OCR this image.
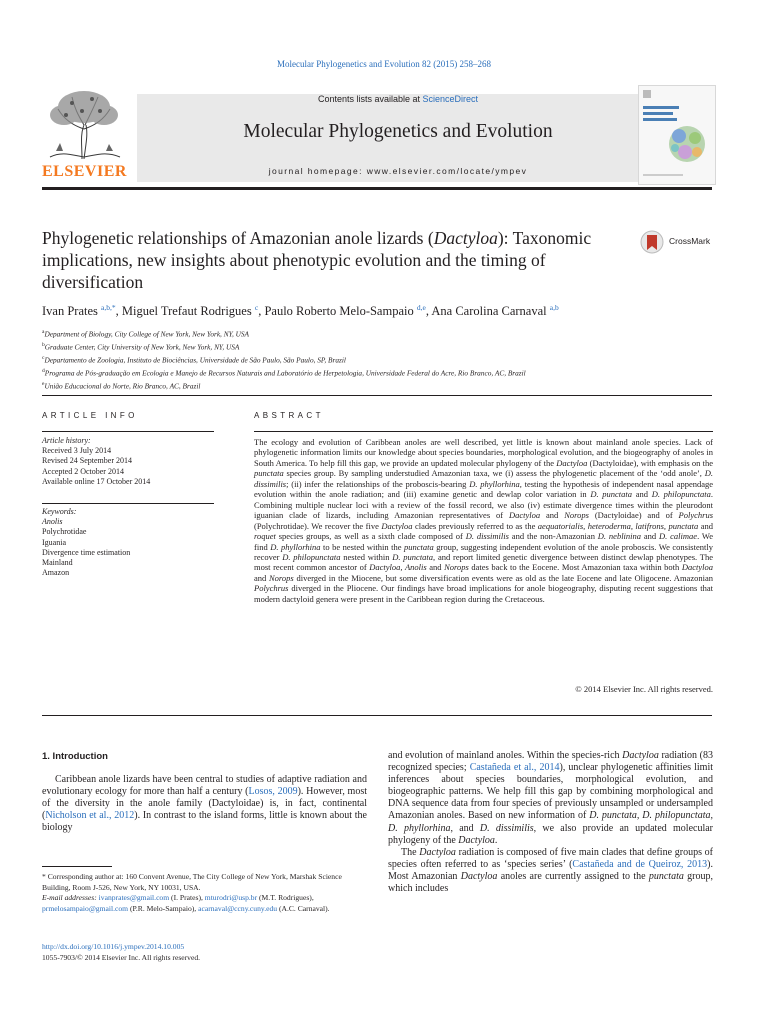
Molecular Phylogenetics and Evolution 82 (2015) 258–268
ELSEVIER
Contents lists available at ScienceDirect
Molecular Phylogenetics and Evolution
journal homepage: www.elsevier.com/locate/ympev
Phylogenetic relationships of Amazonian anole lizards (Dactyloa): Taxonomic implications, new insights about phenotypic evolution and the timing of diversification
CrossMark
Ivan Prates $^{a,b,*}$, Miguel Trefaut Rodrigues $^c$, Paulo Roberto Melo-Sampaio $^{d,e}$, Ana Carolina Carnaval $^{a,b}$
$^a$Department of Biology, City College of New York, New York, NY, USA
$^b$Graduate Center, City University of New York, New York, NY, USA
$^c$Departamento de Zoologia, Instituto de Biociências, Universidade de São Paulo, São Paulo, SP, Brazil
$^d$Programa de Pós-graduação em Ecologia e Manejo de Recursos Naturais and Laboratório de Herpetologia, Universidade Federal do Acre, Rio Branco, AC, Brazil
$^e$União Educacional do Norte, Rio Branco, AC, Brazil
ARTICLE INFO
Article history:
Received 3 July 2014
Revised 24 September 2014
Accepted 2 October 2014
Available online 17 October 2014
Keywords:
Anolis
Polychrotidae
Iguania
Divergence time estimation
Mainland
Amazon
ABSTRACT
The ecology and evolution of Caribbean anoles are well described, yet little is known about mainland anole species. Lack of phylogenetic information limits our knowledge about species boundaries, morphological evolution, and the biogeography of anoles in South America. To help fill this gap, we provide an updated molecular phylogeny of the Dactyloa (Dactyloidae), with emphasis on the punctata species group. By sampling understudied Amazonian taxa, we (i) assess the phylogenetic placement of the ‘odd anole’, D. dissimilis; (ii) infer the relationships of the proboscis-bearing D. phyllorhina, testing the hypothesis of independent nasal appendage evolution within the anole radiation; and (iii) examine genetic and dewlap color variation in D. punctata and D. philopunctata. Combining multiple nuclear loci with a review of the fossil record, we also (iv) estimate divergence times within the pleurodont iguanian clade of lizards, including Amazonian representatives of Dactyloa and Norops (Dactyloidae) and of Polychrus (Polychrotidae). We recover the five Dactyloa clades previously referred to as the aequatorialis, heteroderma, latifrons, punctata and roquet species groups, as well as a sixth clade composed of D. dissimilis and the non-Amazonian D. neblinina and D. calimae. We find D. phyllorhina to be nested within the punctata group, suggesting independent evolution of the anole proboscis. We consistently recover D. philopunctata nested within D. punctata, and report limited genetic divergence between distinct dewlap phenotypes. The most recent common ancestor of Dactyloa, Anolis and Norops dates back to the Eocene. Most Amazonian taxa within both Dactyloa and Norops diverged in the Miocene, but some diversification events were as old as the late Eocene and late Oligocene. Amazonian Polychrus diverged in the Pliocene. Our findings have broad implications for anole biogeography, disputing recent suggestions that modern dactyloid genera were present in the Caribbean region during the Cretaceous.
© 2014 Elsevier Inc. All rights reserved.
1. Introduction
Caribbean anole lizards have been central to studies of adaptive radiation and evolutionary ecology for more than half a century (Losos, 2009). However, most of the diversity in the anole family (Dactyloidae) is, in fact, continental (Nicholson et al., 2012). In contrast to the island forms, little is known about the biology
and evolution of mainland anoles. Within the species-rich Dactyloa radiation (83 recognized species; Castañeda et al., 2014), unclear phylogenetic affinities limit inferences about species boundaries, morphological evolution, and biogeographic patterns. We help fill this gap by combining morphological and DNA sequence data from four species of previously unsampled or undersampled Amazonian anoles. Based on new information of D. punctata, D. philopunctata, D. phyllorhina, and D. dissimilis, we also provide an updated molecular phylogeny of the Dactyloa.
The Dactyloa radiation is composed of five main clades that define groups of species often referred to as ‘species series’ (Castañeda and de Queiroz, 2013). Most Amazonian Dactyloa anoles are currently assigned to the punctata group, which includes
* Corresponding author at: 160 Convent Avenue, The City College of New York, Marshak Science Building, Room J-526, New York, NY 10031, USA.
E-mail addresses: ivanprates@gmail.com (I. Prates), mturodri@usp.br (M.T. Rodrigues), prmelosampaio@gmail.com (P.R. Melo-Sampaio), acarnaval@ccny.cuny.edu (A.C. Carnaval).
http://dx.doi.org/10.1016/j.ympev.2014.10.005
1055-7903/© 2014 Elsevier Inc. All rights reserved.
